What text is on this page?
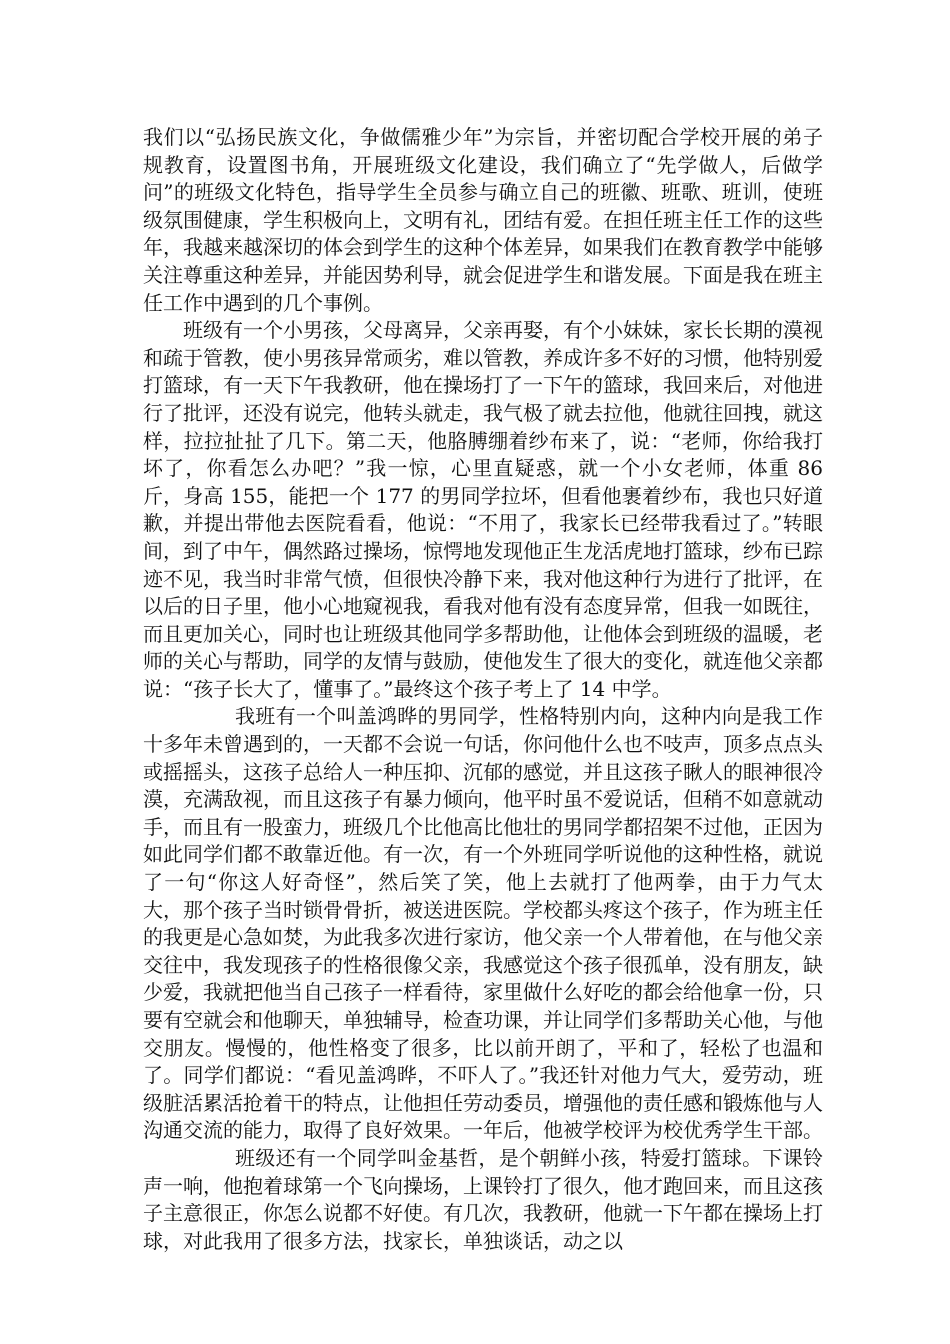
我们以“弘扬民族文化，争做儒雅少年”为宗旨，并密切配合学校开展的弟子规教育，设置图书角，开展班级文化建设，我们确立了“先学做人，后做学问”的班级文化特色，指导学生全员参与确立自己的班徽、班歌、班训，使班级氛围健康，学生积极向上，文明有礼，团结有爱。在担任班主任工作的这些年，我越来越深切的体会到学生的这种个体差异，如果我们在教育教学中能够关注尊重这种差异，并能因势利导，就会促进学生和谐发展。下面是我在班主任工作中遇到的几个事例。

班级有一个小男孩，父母离异，父亲再娶，有个小妹妹，家长长期的漠视和疏于管教，使小男孩异常顽劣，难以管教，养成许多不好的习惯，他特别爱打篮球，有一天下午我教研，他在操场打了一下午的篮球，我回来后，对他进行了批评，还没有说完，他转头就走，我气极了就去拉他，他就往回拽，就这样，拉拉扯扯了几下。第二天，他胳膊绷着纱布来了，说：“老师，你给我打坏了，你看怎么办吧？”我一惊，心里直疑惑，就一个小女老师，体重 86 斤，身高 155，能把一个 177 的男同学拉坏，但看他裹着纱布，我也只好道歉，并提出带他去医院看看，他说：“不用了，我家长已经带我看过了。”转眼间，到了中午，偶然路过操场，惊愕地发现他正生龙活虎地打篮球，纱布已踪迹不见，我当时非常气愤，但很快冷静下来，我对他这种行为进行了批评，在以后的日子里，他小心地窥视我，看我对他有没有态度异常，但我一如既往，而且更加关心，同时也让班级其他同学多帮助他，让他体会到班级的温暖，老师的关心与帮助，同学的友情与鼓励，使他发生了很大的变化，就连他父亲都说：“孩子长大了，懂事了。”最终这个孩子考上了 14 中学。

我班有一个叫盖鸿晔的男同学，性格特别内向，这种内向是我工作十多年未曾遇到的，一天都不会说一句话，你问他什么也不吱声，顶多点点头或摇摇头，这孩子总给人一种压抑、沉郁的感觉，并且这孩子瞅人的眼神很冷漠，充满敌视，而且这孩子有暴力倾向，他平时虽不爱说话，但稍不如意就动手，而且有一股蛮力，班级几个比他高比他壮的男同学都招架不过他，正因为如此同学们都不敢靠近他。有一次，有一个外班同学听说他的这种性格，就说了一句“你这人好奇怪”，然后笑了笑，他上去就打了他两拳，由于力气太大，那个孩子当时锁骨骨折，被送进医院。学校都头疼这个孩子，作为班主任的我更是心急如焚，为此我多次进行家访，他父亲一个人带着他，在与他父亲交往中，我发现孩子的性格很像父亲，我感觉这个孩子很孤单，没有朋友，缺少爱，我就把他当自己孩子一样看待，家里做什么好吃的都会给他拿一份，只要有空就会和他聊天，单独辅导，检查功课，并让同学们多帮助关心他，与他交朋友。慢慢的，他性格变了很多，比以前开朗了，平和了，轻松了也温和了。同学们都说：“看见盖鸿晔，不吓人了。”我还针对他力气大，爱劳动，班级脏活累活抢着干的特点，让他担任劳动委员，增强他的责任感和锻炼他与人沟通交流的能力，取得了良好效果。一年后，他被学校评为校优秀学生干部。

班级还有一个同学叫金基哲，是个朝鲜小孩，特爱打篮球。下课铃声一响，他抱着球第一个飞向操场，上课铃打了很久，他才跑回来，而且这孩子主意很正，你怎么说都不好使。有几次，我教研，他就一下午都在操场上打球，对此我用了很多方法，找家长，单独谈话，动之以
